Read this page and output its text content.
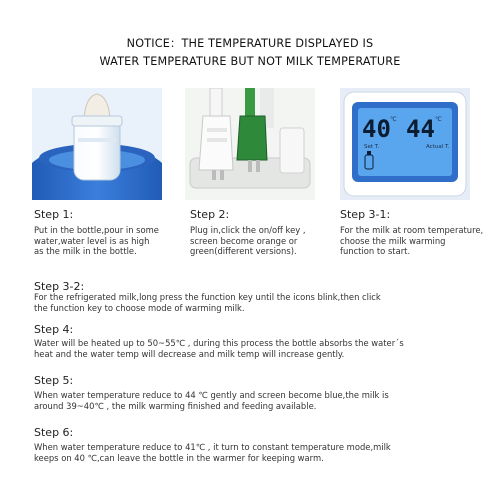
NOTICE：THE TEMPERATURE DISPLAYED IS
WATER TEMPERATURE BUT NOT MILK TEMPERATURE
40 ℃ 44 ℃
Set T.	Actual T.
Step 1:
Put in the bottle,pour in some
water,water level is as high
as the milk in the bottle.
Step 2:
Plug in,click the on/off key ,
screen become orange or
green(different versions).
Step 3-1:
For the milk at room temperature,
choose the milk warming
function to start.
Step 3-2:
For the refrigerated milk,long press the function key until the icons blink,then click
the function key to choose mode of warming milk.
Step 4:
Water will be heated up to 50~55℃ , during this process the bottle absorbs the water´s
heat and the water temp will decrease and milk temp will increase gently.
Step 5:
When water temperature reduce to 44 ℃ gently and screen become blue,the milk is
around 39~40℃ , the milk warming finished and feeding available.
Step 6:
When water temperature reduce to 41℃ , it turn to constant temperature mode,milk
keeps on 40 ℃,can leave the bottle in the warmer for keeping warm.
